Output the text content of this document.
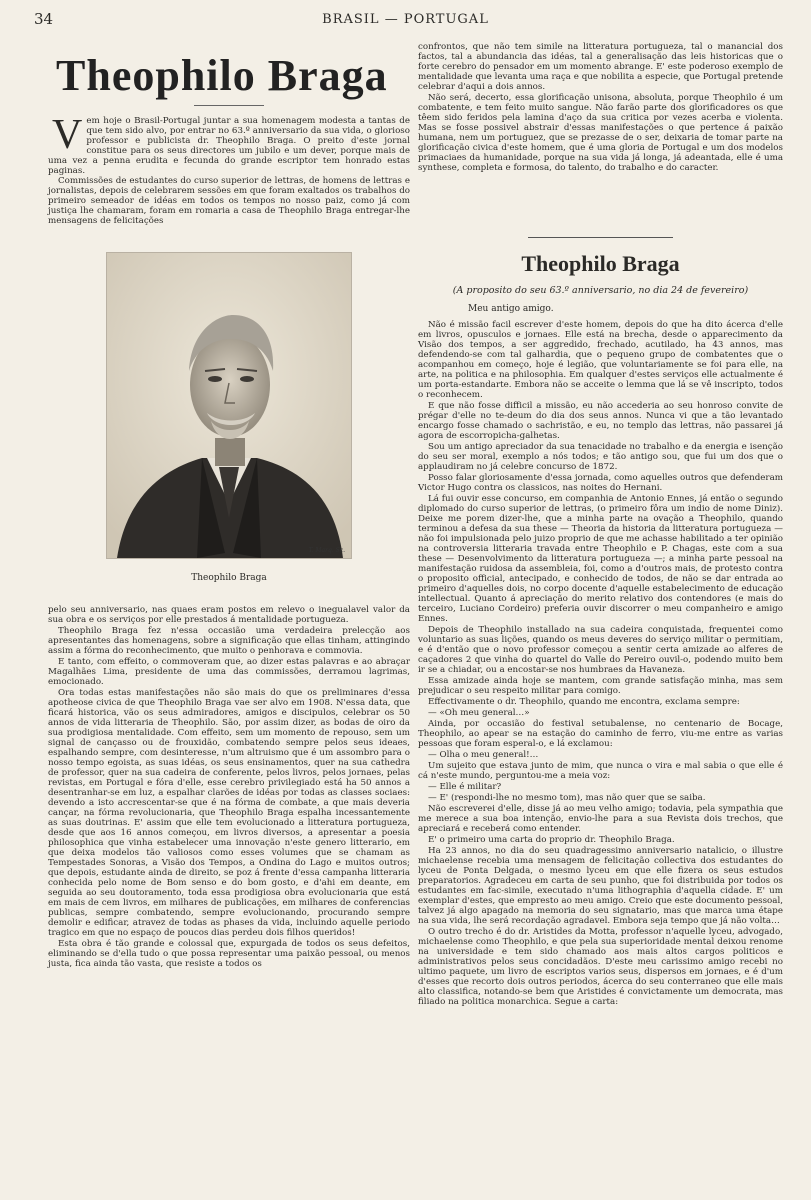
34	BRASIL — PORTUGAL
Theophilo Braga

Vem hoje o Brasil-Portugal juntar a sua homenagem modesta a tantas de que tem sido alvo, por entrar no 63.º anniversario da sua vida, o glorioso professor e publicista dr. Theophilo Braga. O preito d'este jornal constitue para os seus directores um jubilo e um dever, porque mais de uma vez a penna erudita e fecunda do grande escriptor tem honrado estas paginas.

Commissões de estudantes do curso superior de lettras, de homens de lettras e jornalistas, depois de celebrarem sessões em que foram exaltados os trabalhos do primeiro semeador de idéas em todos os tempos no nosso paiz, como já com justiça lhe chamaram, foram em romaria a casa de Theophilo Braga entregar-lhe mensagens de felicitações

T. Marq. Sc.
Theophilo Braga

pelo seu anniversario, nas quaes eram postos em relevo o inegualavel valor da sua obra e os serviços por elle prestados á mentalidade portugueza.

Theophilo Braga fez n'essa occasião uma verdadeira prelecção aos apresentantes das homenagens, sobre a significação que ellas tinham, attingindo assim a fórma do reconhecimento, que muito o penhorava e commovia.

E tanto, com effeito, o commoveram que, ao dizer estas palavras e ao abraçar Magalhães Lima, presidente de uma das commissões, derramou lagrimas, emocionado.

Ora todas estas manifestações não são mais do que os preliminares d'essa apotheose civica de que Theophilo Braga vae ser alvo em 1908. N'essa data, que ficará historica, vão os seus admiradores, amigos e discipulos, celebrar os 50 annos de vida litteraria de Theophilo. São, por assim dizer, as bodas de oiro da sua prodigiosa mentalidade. Com effeito, sem um momento de repouso, sem um signal de cançasso ou de frouxidão, combatendo sempre pelos seus ideaes, espalhando sempre, com desinteresse, n'um altruismo que é um assombro para o nosso tempo egoista, as suas idéas, os seus ensinamentos, quer na sua cathedra de professor, quer na sua cadeira de conferente, pelos livros, pelos jornaes, pelas revistas, em Portugal e fóra d'elle, esse cerebro privilegiado está ha 50 annos a desentranhar-se em luz, a espalhar clarões de idéas por todas as classes sociaes: devendo a isto accrescentar-se que é na fórma de combate, a que mais deveria cançar, na fórma revolucionaria, que Theophilo Braga espalha incessantemente as suas doutrinas. E' assim que elle tem evolucionado a litteratura portugueza, desde que aos 16 annos começou, em livros diversos, a apresentar a poesia philosophica que vinha estabelecer uma innovação n'este genero litterario, em que deixa modelos tão valiosos como esses volumes que se chamam as Tempestades Sonoras, a Visão dos Tempos, a Ondina do Lago e muitos outros; que depois, estudante ainda de direito, se poz á frente d'essa campanha litteraria conhecida pelo nome de Bom senso e do bom gosto, e d'ahi em deante, em seguida ao seu doutoramento, toda essa prodigiosa obra evolucionaria que está em mais de cem livros, em milhares de publicações, em milhares de conferencias publicas, sempre combatendo, sempre evolucionando, procurando sempre demolir e edificar, atravez de todas as phases da vida, incluindo aquelle periodo tragico em que no espaço de poucos dias perdeu dois filhos queridos!

Esta obra é tão grande e colossal que, expurgada de todos os seus defeitos, eliminando se d'ella tudo o que possa representar uma paixão pessoal, ou menos justa, fica ainda tão vasta, que resiste a todos os

confrontos, que não tem simile na litteratura portugueza, tal o manancial dos factos, tal a abundancia das idéas, tal a generalisação das leis historicas que o forte cerebro do pensador em um momento abrange. E' este poderoso exemplo de mentalidade que levanta uma raça e que nobilita a especie, que Portugal pretende celebrar d'aqui a dois annos.

Não será, decerto, essa glorificação unisona, absoluta, porque Theophilo é um combatente, e tem feito muito sangue. Não farão parte dos glorificadores os que têem sido feridos pela lamina d'aço da sua critica por vezes acerba e violenta. Mas se fosse possivel abstrair d'essas manifestações o que pertence á paixão humana, nem um portuguez, que se prezasse de o ser, deixaria de tomar parte na glorificação civica d'este homem, que é uma gloria de Portugal e um dos modelos primaciaes da humanidade, porque na sua vida já longa, já adeantada, elle é uma synthese, completa e formosa, do talento, do trabalho e do caracter.

Theophilo Braga
(A proposito do seu 63.º anniversario, no dia 24 de fevereiro)
Meu antigo amigo.

Não é missão facil escrever d'este homem, depois do que ha dito ácerca d'elle em livros, opusculos e jornaes. Elle está na brecha, desde o apparecimento da Visão dos tempos, a ser aggredido, frechado, acutilado, ha 43 annos, mas defendendo-se com tal galhardia, que o pequeno grupo de combatentes que o acompanhou em começo, hoje é legião, que voluntariamente se foi para elle, na arte, na politica e na philosophia. Em qualquer d'estes serviços elle actualmente é um porta-estandarte. Embora não se acceite o lemma que lá se vê inscripto, todos o reconhecem.

E que não fosse difficil a missão, eu não accederia ao seu honroso convite de prégar d'elle no te-deum do dia dos seus annos. Nunca vi que a tão levantado encargo fosse chamado o sachristão, e eu, no templo das lettras, não passarei já agora de escorropicha-galhetas.

Sou um antigo apreciador da sua tenacidade no trabalho e da energia e isenção do seu ser moral, exemplo a nós todos; e tão antigo sou, que fui um dos que o applaudiram no já celebre concurso de 1872.

Posso falar gloriosamente d'essa jornada, como aquelles outros que defenderam Victor Hugo contra os classicos, nas noites do Hernani.

Lá fui ouvir esse concurso, em companhia de Antonio Ennes, já então o segundo diplomado do curso superior de lettras, (o primeiro fôra um indio de nome Diniz). Deixe me porem dizer-lhe, que a minha parte na ovação a Theophilo, quando terminou a defesa da sua these — Theoria da historia da litteratura portugueza — não foi impulsionada pelo juizo proprio de que me achasse habilitado a ter opinião na controversia litteraria travada entre Theophilo e P. Chagas, este com a sua these — Desenvolvimento da litteratura portugueza —; a minha parte pessoal na manifestação ruidosa da assembleia, foi, como a d'outros mais, de protesto contra o proposito official, antecipado, e conhecido de todos, de não se dar entrada ao primeiro d'aquelles dois, no corpo docente d'aquelle estabelecimento de educação intellectual. Quanto á apreciação do merito relativo dos contendores (e mais do terceiro, Luciano Cordeiro) preferia ouvir discorrer o meu companheiro e amigo Ennes.

Depois de Theophilo installado na sua cadeira conquistada, frequentei como voluntario as suas lições, quando os meus deveres do serviço militar o permitiam, e é d'então que o novo professor começou a sentir certa amizade ao alferes de caçadores 2 que vinha do quartel do Valle do Pereiro ouvil-o, podendo muito bem ir se a chiadar, ou a encostar-se nos humbraes da Havaneza.

Essa amizade ainda hoje se mantem, com grande satisfação minha, mas sem prejudicar o seu respeito militar para comigo.

Effectivamente o dr. Theophilo, quando me encontra, exclama sempre:

— «Oh meu general…»

Ainda, por occasião do festival setubalense, no centenario de Bocage, Theophilo, ao apear se na estação do caminho de ferro, viu-me entre as varias pessoas que foram esperal-o, e lá exclamou:

— Olha o meu general!…

Um sujeito que estava junto de mim, que nunca o vira e mal sabia o que elle é cá n'este mundo, perguntou-me a meia voz:

— Elle é militar?

— E' (respondi-lhe no mesmo tom), mas não quer que se saiba.

Não escreverei d'elle, disse já ao meu velho amigo; todavia, pela sympathia que me merece a sua boa intenção, envio-lhe para a sua Revista dois trechos, que apreciará e receberá como entender.

E' o primeiro uma carta do proprio dr. Theophilo Braga.

Ha 23 annos, no dia do seu quadragessimo anniversario natalicio, o illustre michaelense recebia uma mensagem de felicitação collectiva dos estudantes do lyceu de Ponta Delgada, o mesmo lyceu em que elle fizera os seus estudos preparatorios. Agradeceu em carta de seu punho, que foi distribuida por todos os estudantes em fac-simile, executado n'uma lithographia d'aquella cidade. E' um exemplar d'estes, que empresto ao meu amigo. Creio que este documento pessoal, talvez já algo apagado na memoria do seu signatario, mas que marca uma étape na sua vida, lhe será recordação agradavel. Embora seja tempo que já não volta…

O outro trecho é do dr. Aristides da Motta, professor n'aquelle lyceu, advogado, michaelense como Theophilo, e que pela sua superioridade mental deixou renome na universidade e tem sido chamado aos mais altos cargos politicos e administrativos pelos seus concidadãos. D'este meu carissimo amigo recebi no ultimo paquete, um livro de escriptos varios seus, dispersos em jornaes, e é d'um d'esses que recorto dois outros periodos, ácerca do seu conterraneo que elle mais alto classifica, notando-se bem que Aristides é convictamente um democrata, mas filiado na politica monarchica. Segue a carta:
